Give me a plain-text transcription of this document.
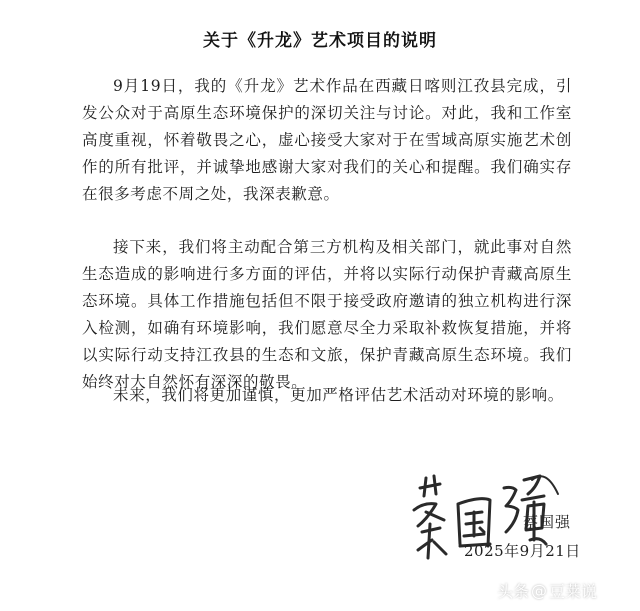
关于《升龙》艺术项目的说明

9月19日，我的《升龙》艺术作品在西藏日喀则江孜县完成，引发公众对于高原生态环境保护的深切关注与讨论。对此，我和工作室高度重视，怀着敬畏之心，虚心接受大家对于在雪域高原实施艺术创作的所有批评，并诚挚地感谢大家对我们的关心和提醒。我们确实存在很多考虑不周之处，我深表歉意。

接下来，我们将主动配合第三方机构及相关部门，就此事对自然生态造成的影响进行多方面的评估，并将以实际行动保护青藏高原生态环境。具体工作措施包括但不限于接受政府邀请的独立机构进行深入检测，如确有环境影响，我们愿意尽全力采取补救恢复措施，并将以实际行动支持江孜县的生态和文旅，保护青藏高原生态环境。我们始终对大自然怀有深深的敬畏。

未来，我们将更加谨慎，更加严格评估艺术活动对环境的影响。

蔡国强
2025年9月21日
头条 @ 豆莱说
